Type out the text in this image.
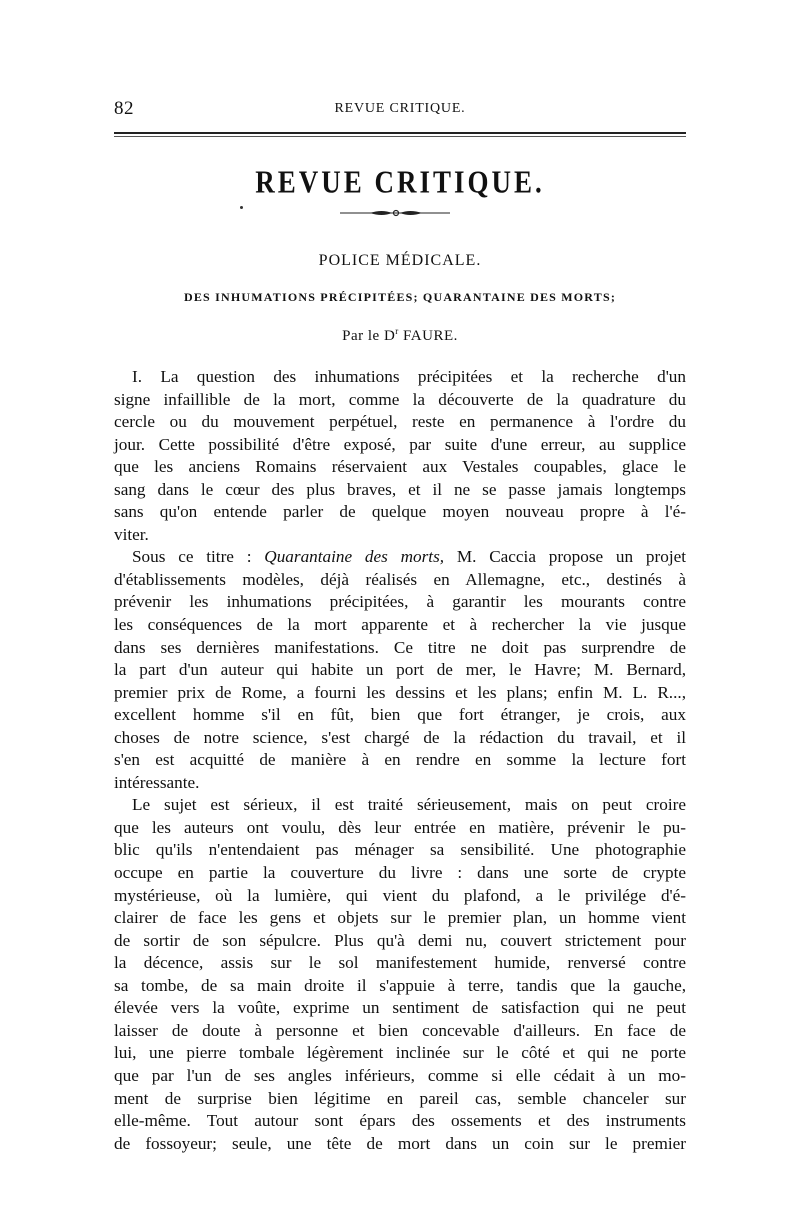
82	REVUE CRITIQUE.
REVUE CRITIQUE.
POLICE MÉDICALE.
DES INHUMATIONS PRÉCIPITÉES; QUARANTAINE DES MORTS;
Par le $D^r$ FAURE.
I. La question des inhumations précipitées et la recherche d'un
signe infaillible de la mort, comme la découverte de la quadrature du
cercle ou du mouvement perpétuel, reste en permanence à l'ordre du
jour. Cette possibilité d'être exposé, par suite d'une erreur, au supplice
que les anciens Romains réservaient aux Vestales coupables, glace le
sang dans le cœur des plus braves, et il ne se passe jamais longtemps
sans qu'on entende parler de quelque moyen nouveau propre à l'é-
viter.
Sous ce titre : Quarantaine des morts, M. Caccia propose un projet
d'établissements modèles, déjà réalisés en Allemagne, etc., destinés à
prévenir les inhumations précipitées, à garantir les mourants contre
les conséquences de la mort apparente et à rechercher la vie jusque
dans ses dernières manifestations. Ce titre ne doit pas surprendre de
la part d'un auteur qui habite un port de mer, le Havre; M. Bernard,
premier prix de Rome, a fourni les dessins et les plans; enfin M. L. R...,
excellent homme s'il en fût, bien que fort étranger, je crois, aux
choses de notre science, s'est chargé de la rédaction du travail, et il
s'en est acquitté de manière à en rendre en somme la lecture fort
intéressante.
Le sujet est sérieux, il est traité sérieusement, mais on peut croire
que les auteurs ont voulu, dès leur entrée en matière, prévenir le pu-
blic qu'ils n'entendaient pas ménager sa sensibilité. Une photographie
occupe en partie la couverture du livre : dans une sorte de crypte
mystérieuse, où la lumière, qui vient du plafond, a le privilége d'é-
clairer de face les gens et objets sur le premier plan, un homme vient
de sortir de son sépulcre. Plus qu'à demi nu, couvert strictement pour
la décence, assis sur le sol manifestement humide, renversé contre
sa tombe, de sa main droite il s'appuie à terre, tandis que la gauche,
élevée vers la voûte, exprime un sentiment de satisfaction qui ne peut
laisser de doute à personne et bien concevable d'ailleurs. En face de
lui, une pierre tombale légèrement inclinée sur le côté et qui ne porte
que par l'un de ses angles inférieurs, comme si elle cédait à un mo-
ment de surprise bien légitime en pareil cas, semble chanceler sur
elle-même. Tout autour sont épars des ossements et des instruments
de fossoyeur; seule, une tête de mort dans un coin sur le premier
